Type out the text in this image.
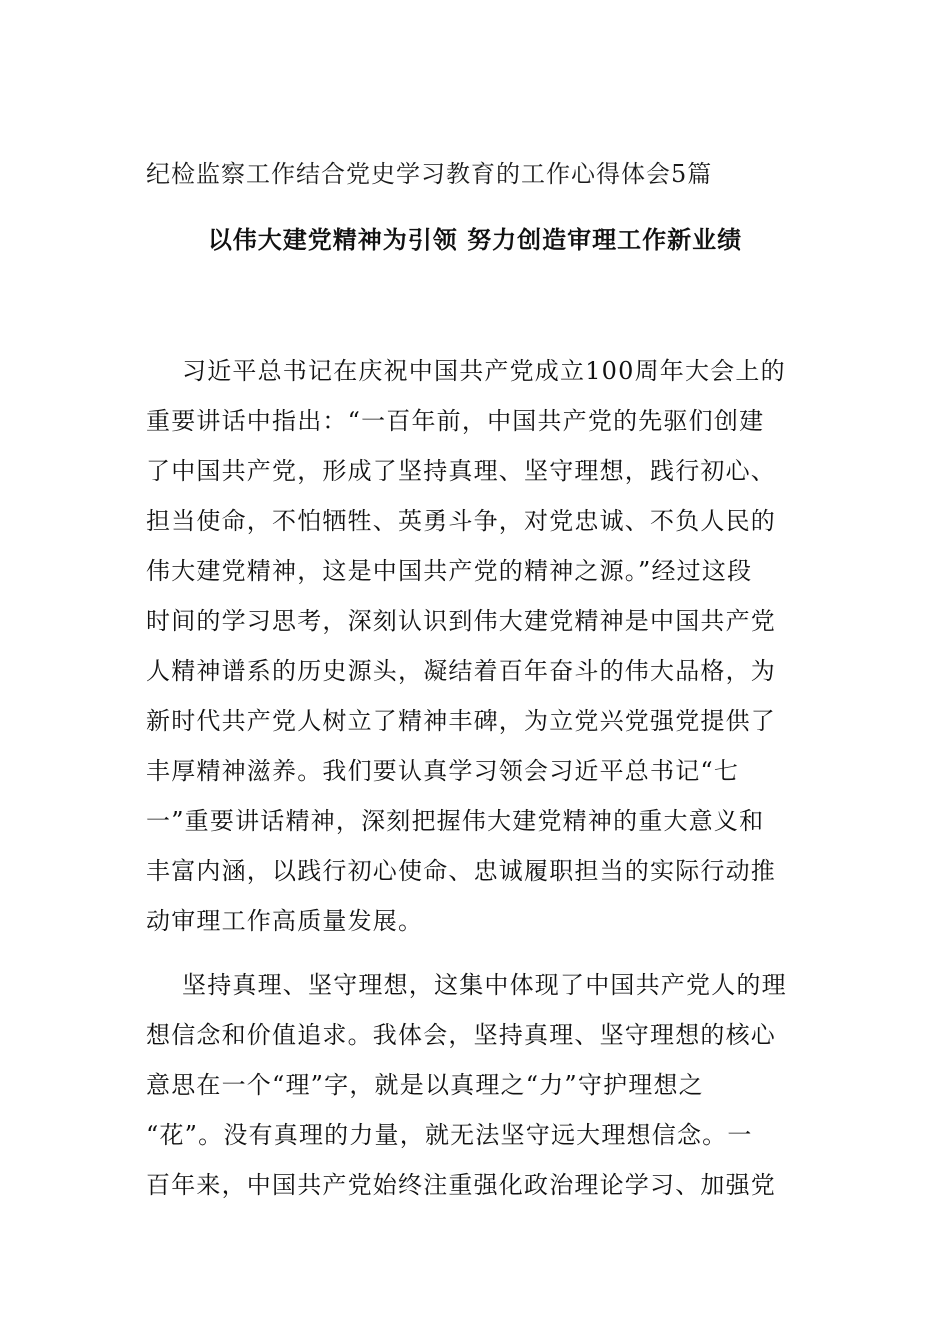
纪检监察工作结合党史学习教育的工作心得体会5篇
以伟大建党精神为引领 努力创造审理工作新业绩
习近平总书记在庆祝中国共产党成立100周年大会上的
重要讲话中指出：“一百年前，中国共产党的先驱们创建
了中国共产党，形成了坚持真理、坚守理想，践行初心、
担当使命，不怕牺牲、英勇斗争，对党忠诚、不负人民的
伟大建党精神，这是中国共产党的精神之源。”经过这段
时间的学习思考，深刻认识到伟大建党精神是中国共产党
人精神谱系的历史源头，凝结着百年奋斗的伟大品格，为
新时代共产党人树立了精神丰碑，为立党兴党强党提供了
丰厚精神滋养。我们要认真学习领会习近平总书记“七
一”重要讲话精神，深刻把握伟大建党精神的重大意义和
丰富内涵，以践行初心使命、忠诚履职担当的实际行动推
动审理工作高质量发展。
坚持真理、坚守理想，这集中体现了中国共产党人的理
想信念和价值追求。我体会，坚持真理、坚守理想的核心
意思在一个“理”字，就是以真理之“力”守护理想之
“花”。没有真理的力量，就无法坚守远大理想信念。一
百年来，中国共产党始终注重强化政治理论学习、加强党
